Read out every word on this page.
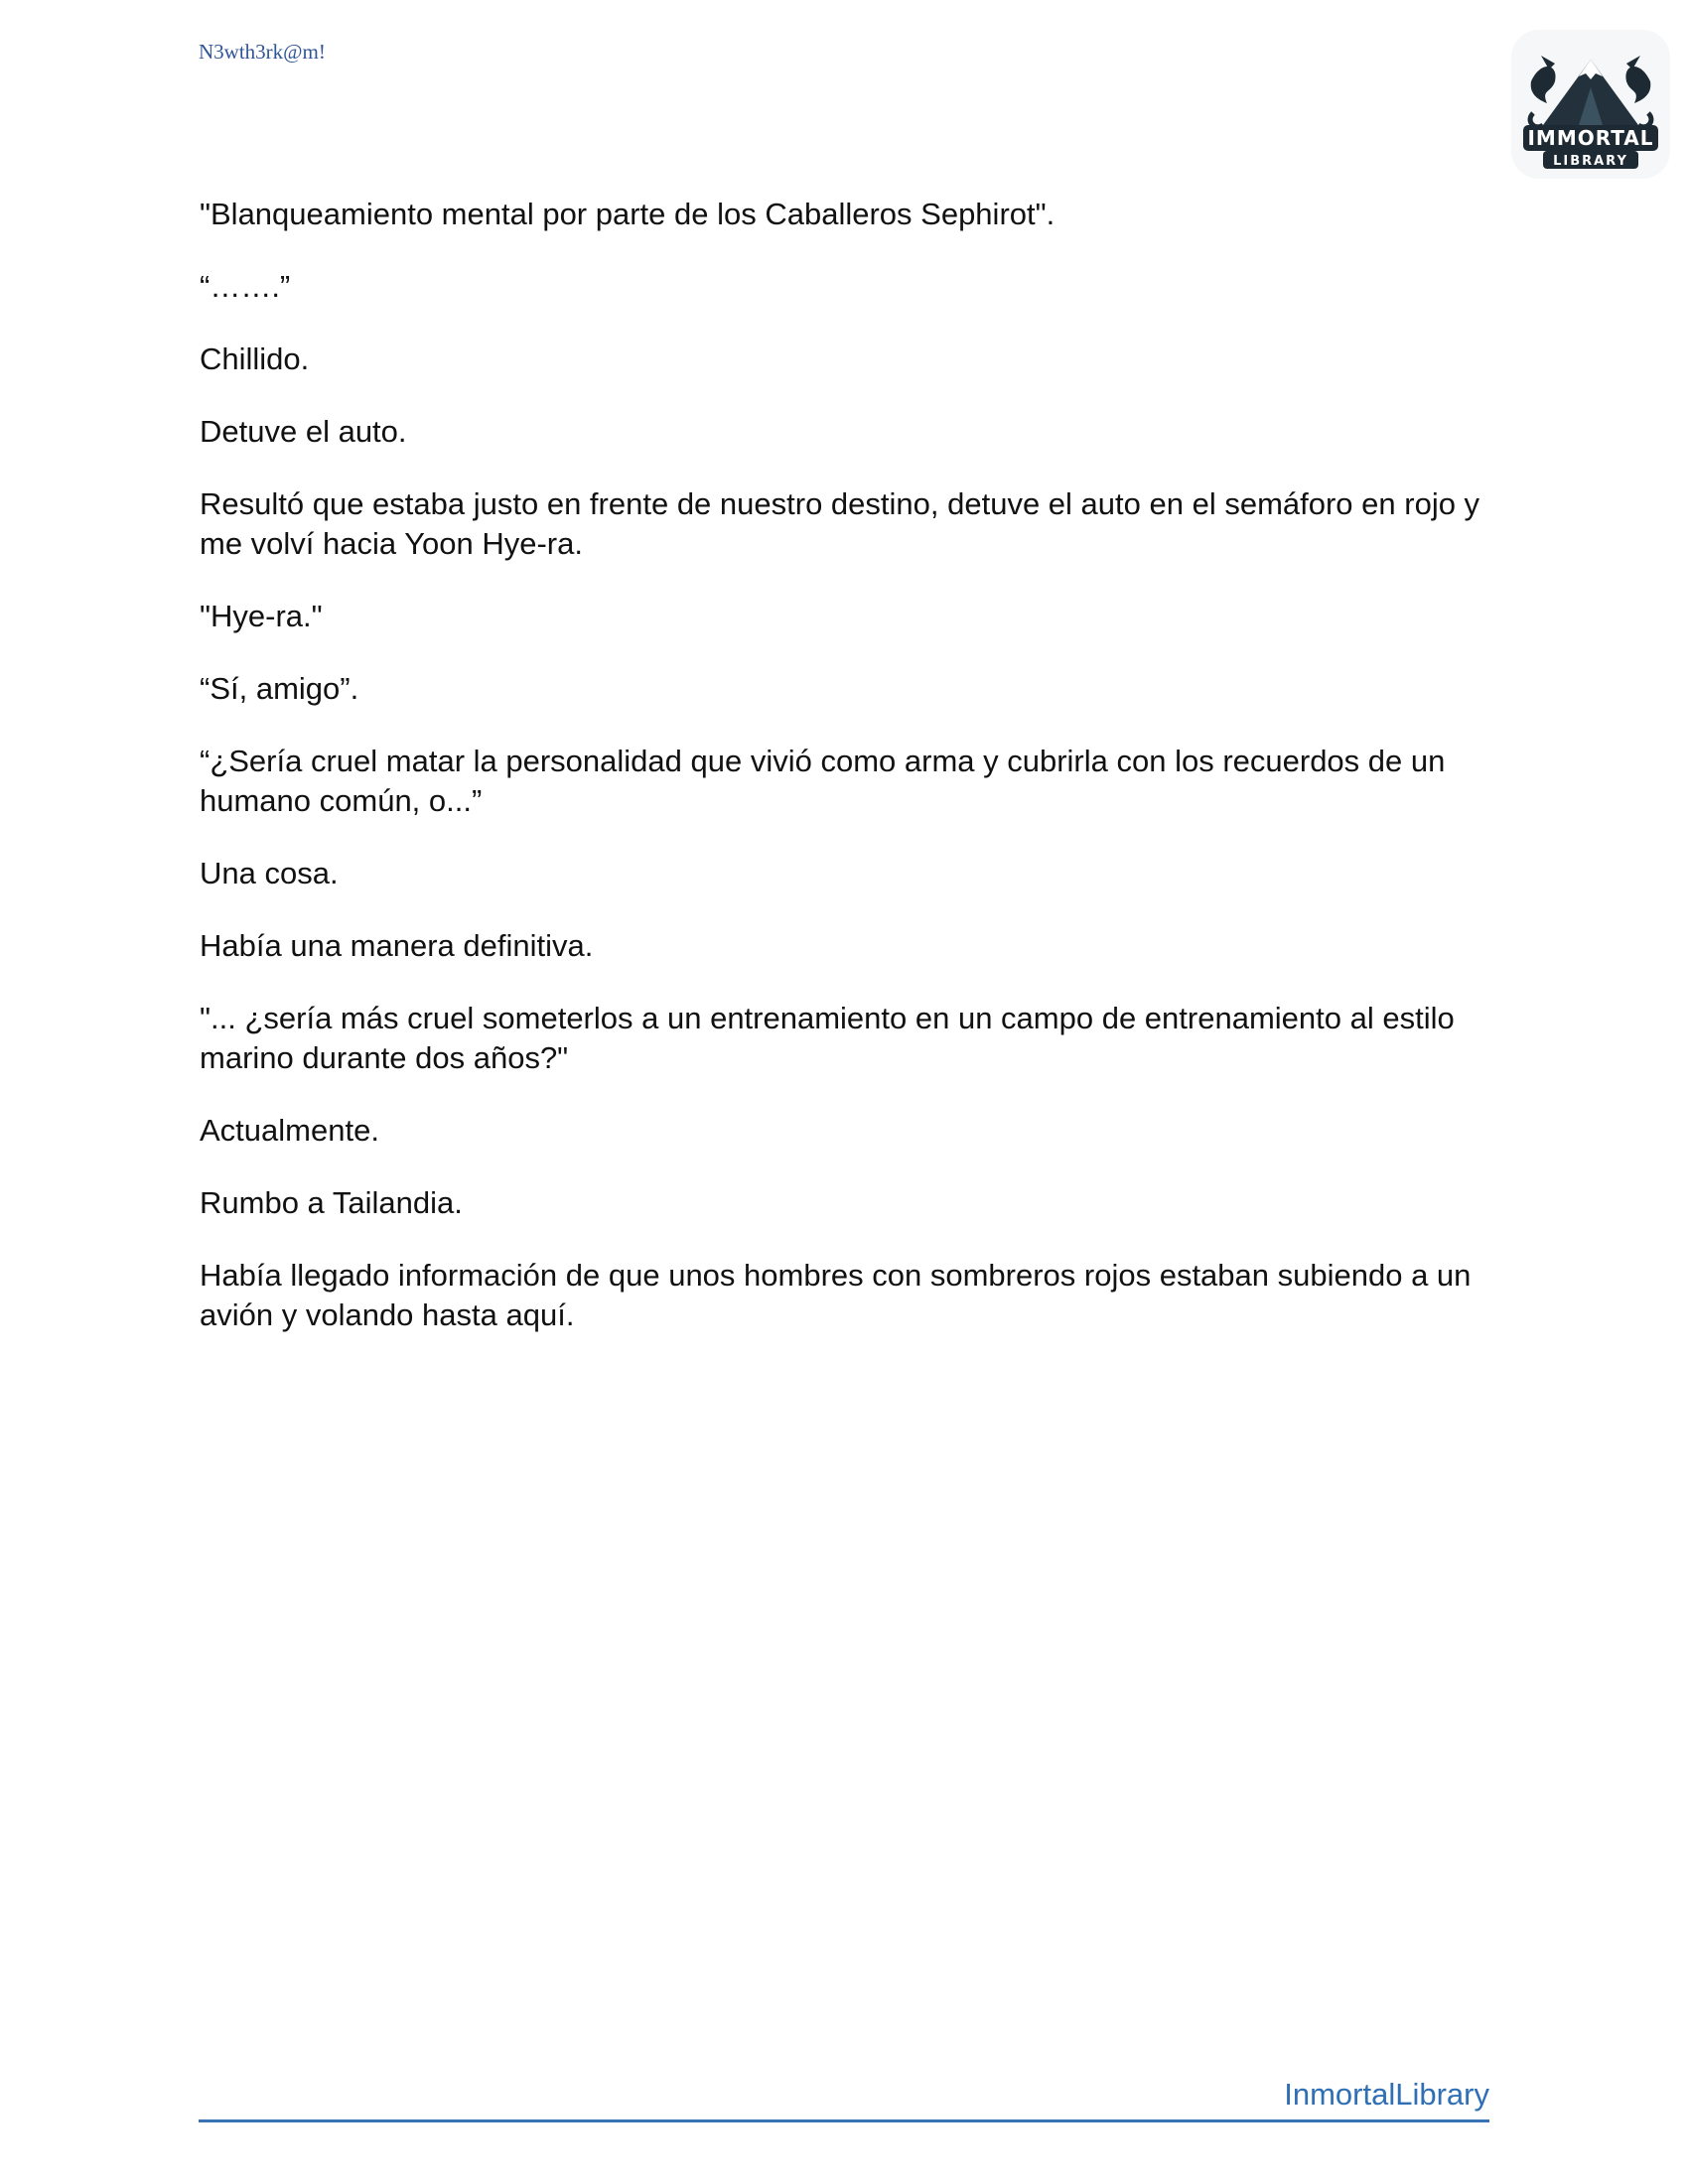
N3wth3rk@m!
IMMORTAL
LIBRARY

"Blanqueamiento mental por parte de los Caballeros Sephirot".

“…….”

Chillido.

Detuve el auto.

Resultó que estaba justo en frente de nuestro destino, detuve el auto en el semáforo en rojo y me volví hacia Yoon Hye-ra.

"Hye-ra."

“Sí, amigo”.

“¿Sería cruel matar la personalidad que vivió como arma y cubrirla con los recuerdos de un humano común, o...”

Una cosa.

Había una manera definitiva.

"... ¿sería más cruel someterlos a un entrenamiento en un campo de entrenamiento al estilo marino durante dos años?"

Actualmente.

Rumbo a Tailandia.

Había llegado información de que unos hombres con sombreros rojos estaban subiendo a un avión y volando hasta aquí.

InmortalLibrary
